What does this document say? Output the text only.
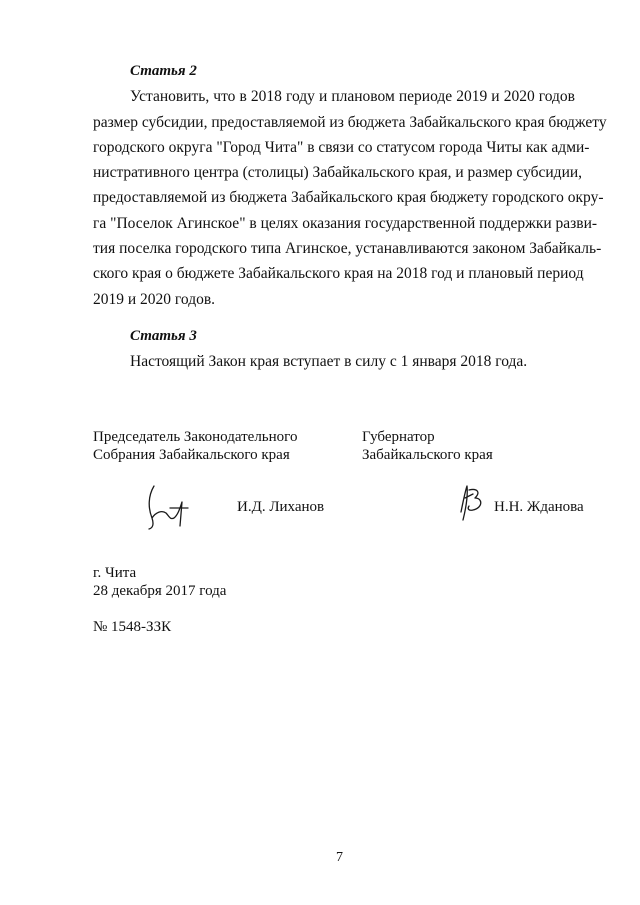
Статья 2
Установить, что в 2018 году и плановом периоде 2019 и 2020 годов
размер субсидии, предоставляемой из бюджета Забайкальского края бюджету
городского округа "Город Чита" в связи со статусом города Читы как адми-
нистративного центра (столицы) Забайкальского края, и размер субсидии,
предоставляемой из бюджета Забайкальского края бюджету городского окру-
га "Поселок Агинское" в целях оказания государственной поддержки разви-
тия поселка городского типа Агинское, устанавливаются законом Забайкаль-
ского края о бюджете Забайкальского края на 2018 год и плановый период
2019 и 2020 годов.
Статья 3
Настоящий Закон края вступает в силу с 1 января 2018 года.
Председатель Законодательного
Собрания Забайкальского края
Губернатор
Забайкальского края
И.Д. Лиханов	Н.Н. Жданова
г. Чита
28 декабря 2017 года
№ 1548-ЗЗК
7
